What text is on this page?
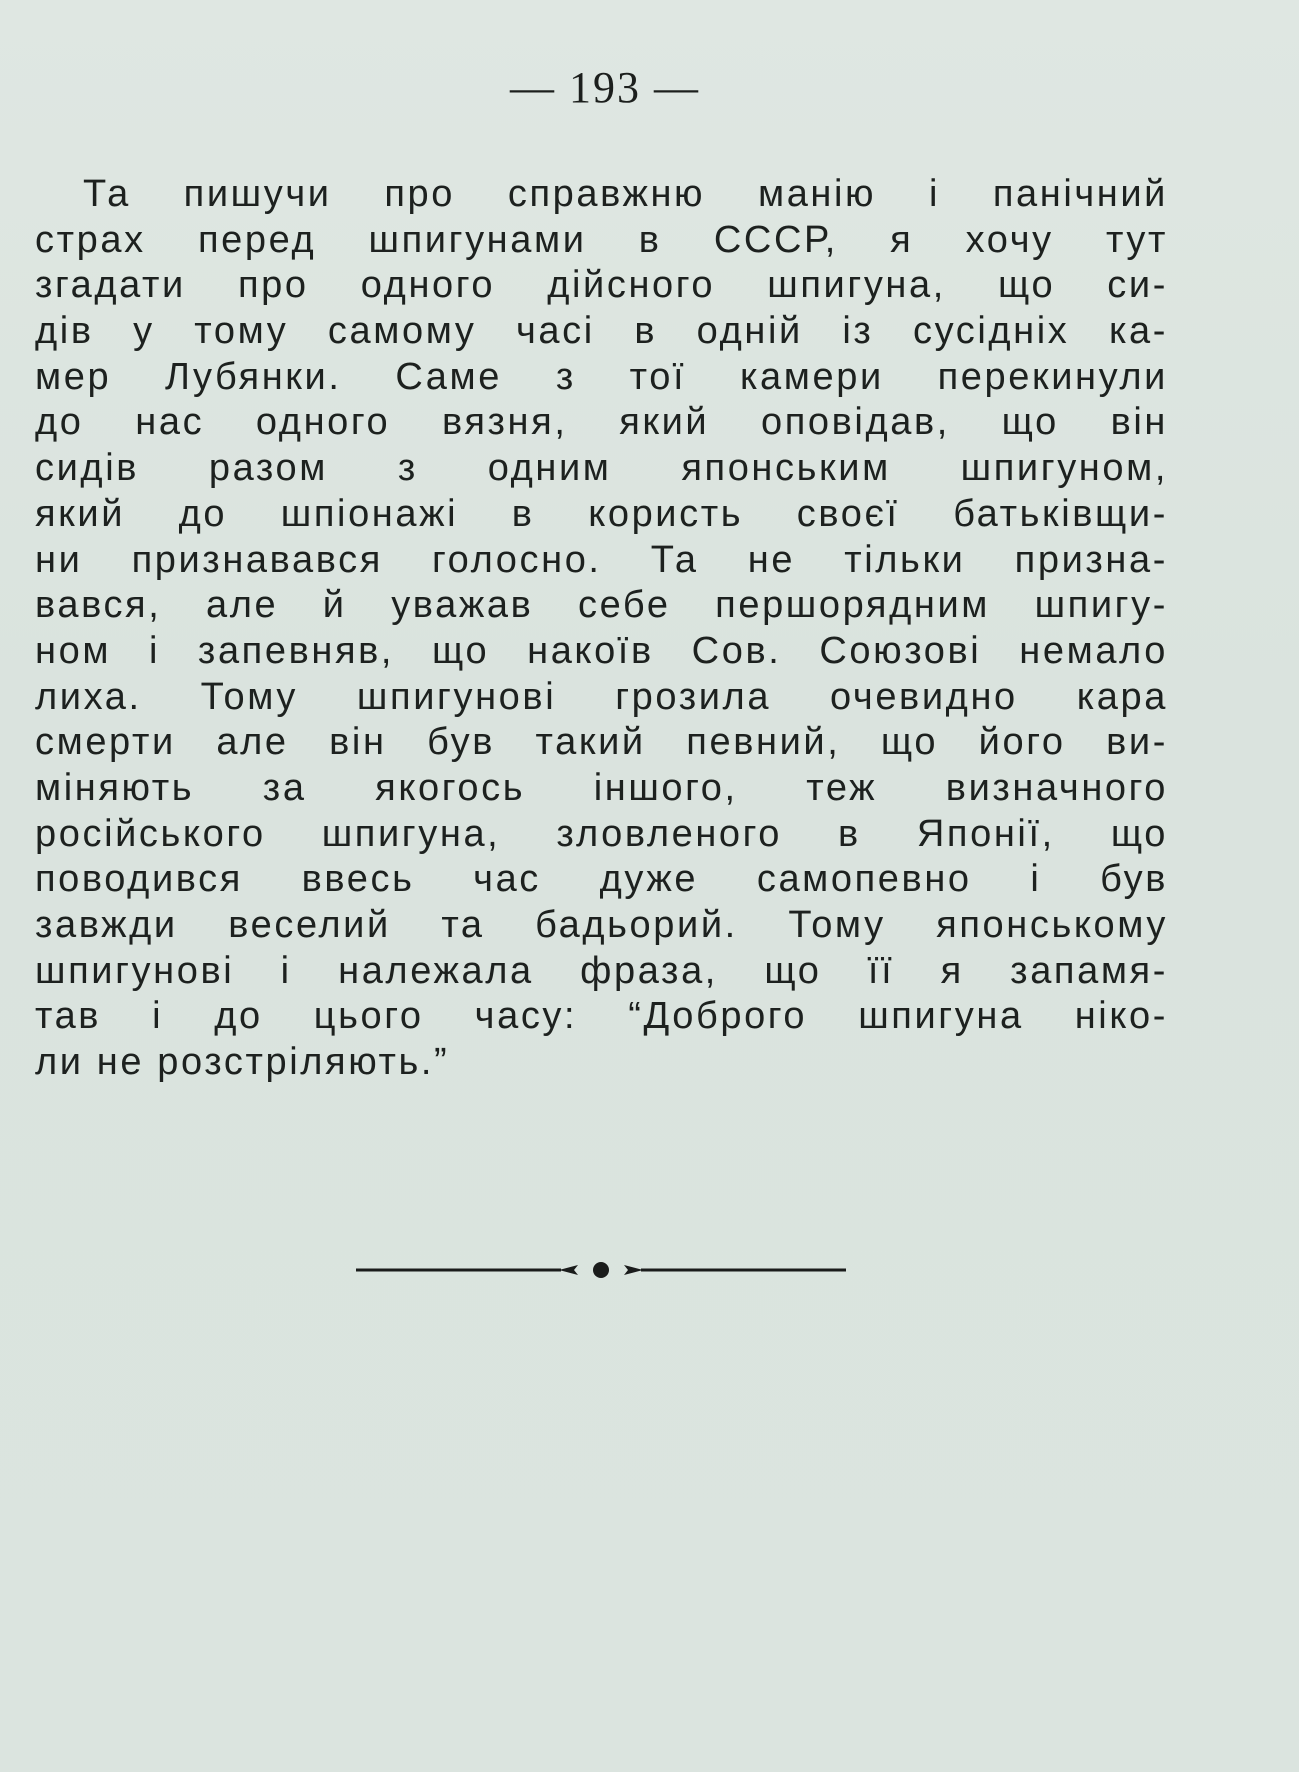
— 193 —
Та пишучи про справжню манію і панічний
страх перед шпигунами в СССР, я хочу тут
згадати про одного дійсного шпигуна, що си-
дів у тому самому часі в одній із сусідніх ка-
мер Лубянки. Саме з тої камери перекинули
до нас одного вязня, який оповідав, що він
сидів разом з одним японським шпигуном,
який до шпіонажі в користь своєї батьківщи-
ни признавався голосно. Та не тільки призна-
вався, але й уважав себе першорядним шпигу-
ном і запевняв, що накоїв Сов. Союзові немало
лиха. Тому шпигунові грозила очевидно кара
смерти але він був такий певний, що його ви-
міняють за якогось іншого, теж визначного
російського шпигуна, зловленого в Японії, що
поводився ввесь час дуже самопевно і був
завжди веселий та бадьорий. Тому японському
шпигунові і належала фраза, що її я запамя-
тав і до цього часу: “Доброго шпигуна ніко-
ли не розстріляють.”
